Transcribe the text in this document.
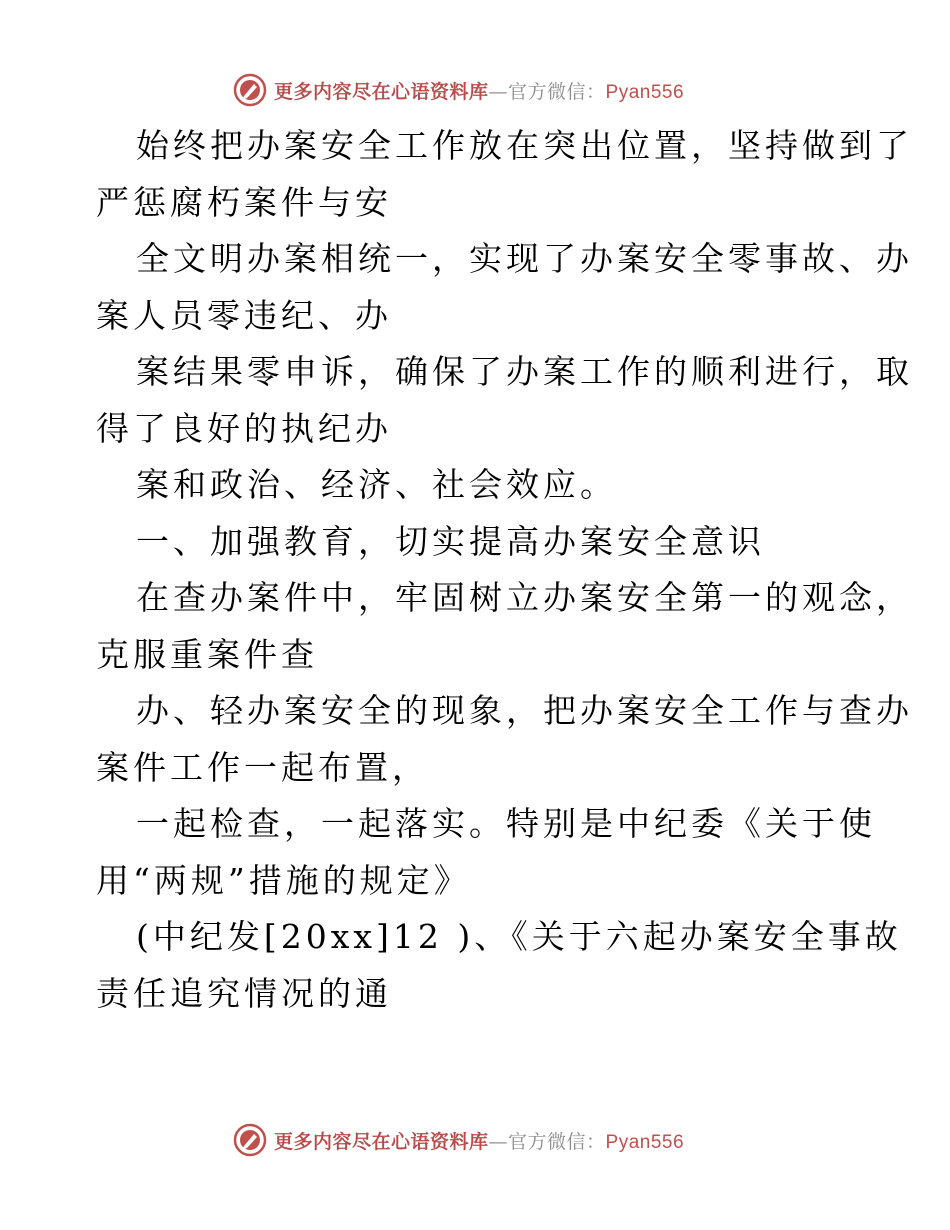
更多内容尽在心语资料库—官方微信：Pyan556
始终把办案安全工作放在突出位置，坚持做到了
严惩腐朽案件与安
全文明办案相统一，实现了办案安全零事故、办
案人员零违纪、办
案结果零申诉，确保了办案工作的顺利进行，取
得了良好的执纪办
案和政治、经济、社会效应。
一、加强教育，切实提高办案安全意识
在查办案件中，牢固树立办案安全第一的观念，
克服重案件查
办、轻办案安全的现象，把办案安全工作与查办
案件工作一起布置，
一起检查，一起落实。特别是中纪委《关于使
用“两规”措施的规定》
(中纪发[20xx]12 )、《关于六起办案安全事故
责任追究情况的通
更多内容尽在心语资料库—官方微信：Pyan556
